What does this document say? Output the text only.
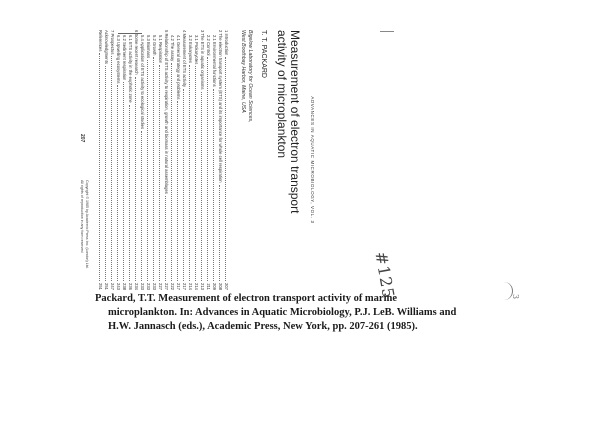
ADVANCES IN AQUATIC MICROBIOLOGY, VOL. 3
Measurement of electron transport
activity of microplankton
T. T. PACKARD
Bigelow Laboratory for Ocean Sciences,
West Boothbay Harbor, Maine, USA
1 Introduction
207
2 The electron transport system (ETS) and its importance for whole cell respiration
208
2.1 Environmental functions
209
2.2 Control
211
3 The ETS in aquatic organisms
213
3.1 Prokaryotes
214
3.2 Eukaryotes
214
4 Measurement of ETS activity
217
4.1 General strategy and problems
217
4.2 The assay
222
5 Relationship of ETS activity to respiration, growth and biomass in natural assemblages
227
5.1 Respiration
227
5.2 Growth
233
5.3 Biomass
233
5.4 Application of ETS activity to ecological studies
233
6 Some recent research
234
6.1 ETS activity in the euphotic zone
236
6.2 Sediment respiration
238
6.3 Upwelling ecosystems
243
7 Prospectus
247
Acknowledgments
251
References
251
207
Copyright © 1985 by Academic Press Inc. (London) Ltd.
All rights of reproduction in any form reserved
#125
Packard, T.T. Measurement of electron transport activity of marine
microplankton. In: Advances in Aquatic Microbiology, P.J. LeB. Williams and
H.W. Jannasch (eds.), Academic Press, New York, pp. 207-261 (1985).
3
